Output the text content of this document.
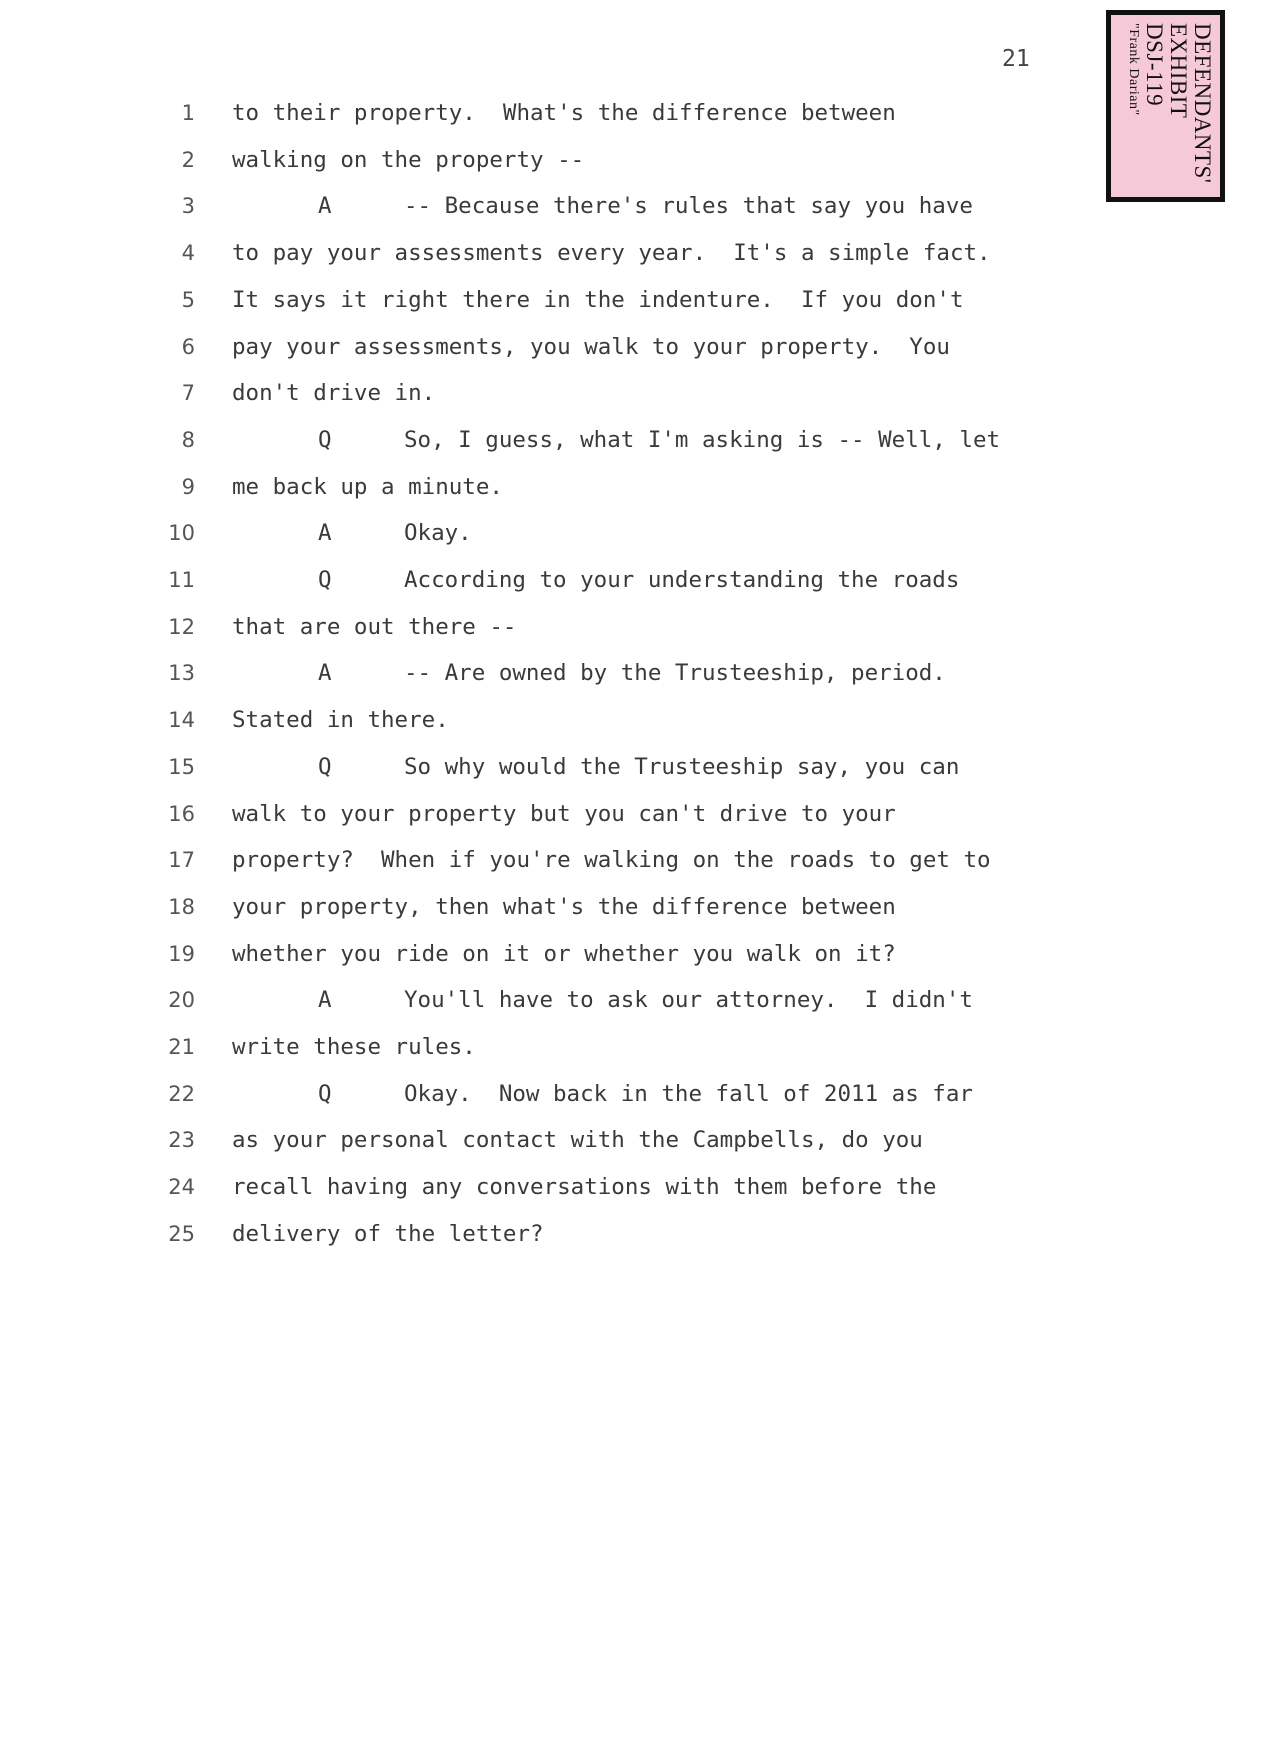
21	DEFENDANTS'
EXHIBIT
DSJ-119
"Frank Darian"
1 to their property.  What's the difference between
2 walking on the property --
3	A	-- Because there's rules that say you have
4 to pay your assessments every year.  It's a simple fact.
5 It says it right there in the indenture.  If you don't
6 pay your assessments, you walk to your property.  You
7 don't drive in.
8	Q	So, I guess, what I'm asking is -- Well, let
9 me back up a minute.
10	A	Okay.
11	Q	According to your understanding the roads
12 that are out there --
13	A	-- Are owned by the Trusteeship, period.
14 Stated in there.
15	Q	So why would the Trusteeship say, you can
16 walk to your property but you can't drive to your
17 property?  When if you're walking on the roads to get to
18 your property, then what's the difference between
19 whether you ride on it or whether you walk on it?
20	A	You'll have to ask our attorney.  I didn't
21 write these rules.
22	Q	Okay.  Now back in the fall of 2011 as far
23 as your personal contact with the Campbells, do you
24 recall having any conversations with them before the
25 delivery of the letter?
